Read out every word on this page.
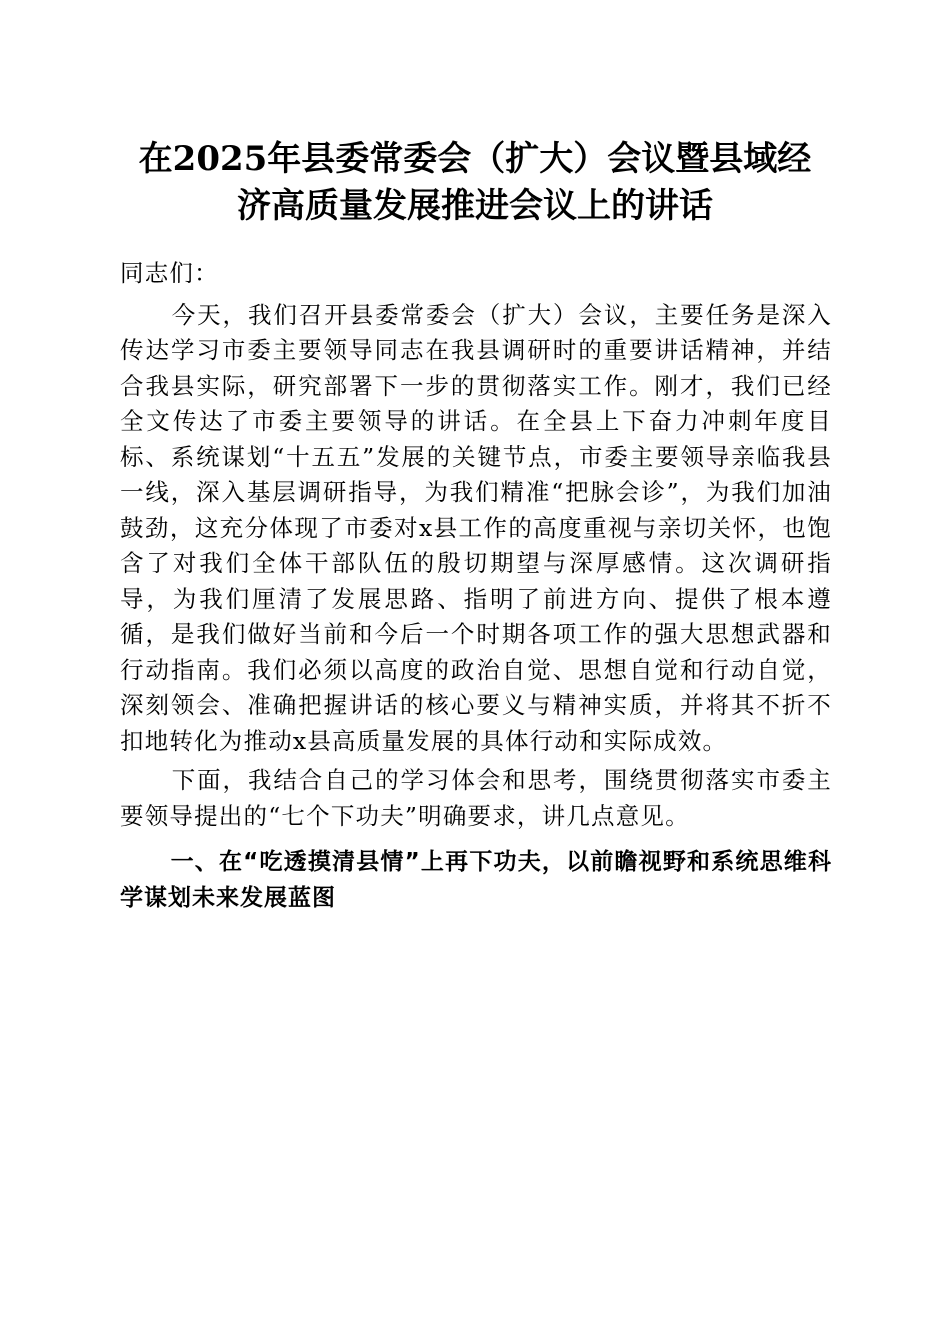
在2025年县委常委会（扩大）会议暨县域经
济高质量发展推进会议上的讲话

同志们：

今天，我们召开县委常委会（扩大）会议，主要任务是深入传达学习市委主要领导同志在我县调研时的重要讲话精神，并结合我县实际，研究部署下一步的贯彻落实工作。刚才，我们已经全文传达了市委主要领导的讲话。在全县上下奋力冲刺年度目标、系统谋划“十五五”发展的关键节点，市委主要领导亲临我县一线，深入基层调研指导，为我们精准“把脉会诊”，为我们加油鼓劲，这充分体现了市委对x县工作的高度重视与亲切关怀，也饱含了对我们全体干部队伍的殷切期望与深厚感情。这次调研指导，为我们厘清了发展思路、指明了前进方向、提供了根本遵循，是我们做好当前和今后一个时期各项工作的强大思想武器和行动指南。我们必须以高度的政治自觉、思想自觉和行动自觉，深刻领会、准确把握讲话的核心要义与精神实质，并将其不折不扣地转化为推动x县高质量发展的具体行动和实际成效。

下面，我结合自己的学习体会和思考，围绕贯彻落实市委主要领导提出的“七个下功夫”明确要求，讲几点意见。

一、在“吃透摸清县情”上再下功夫，以前瞻视野和系统思维科学谋划未来发展蓝图
